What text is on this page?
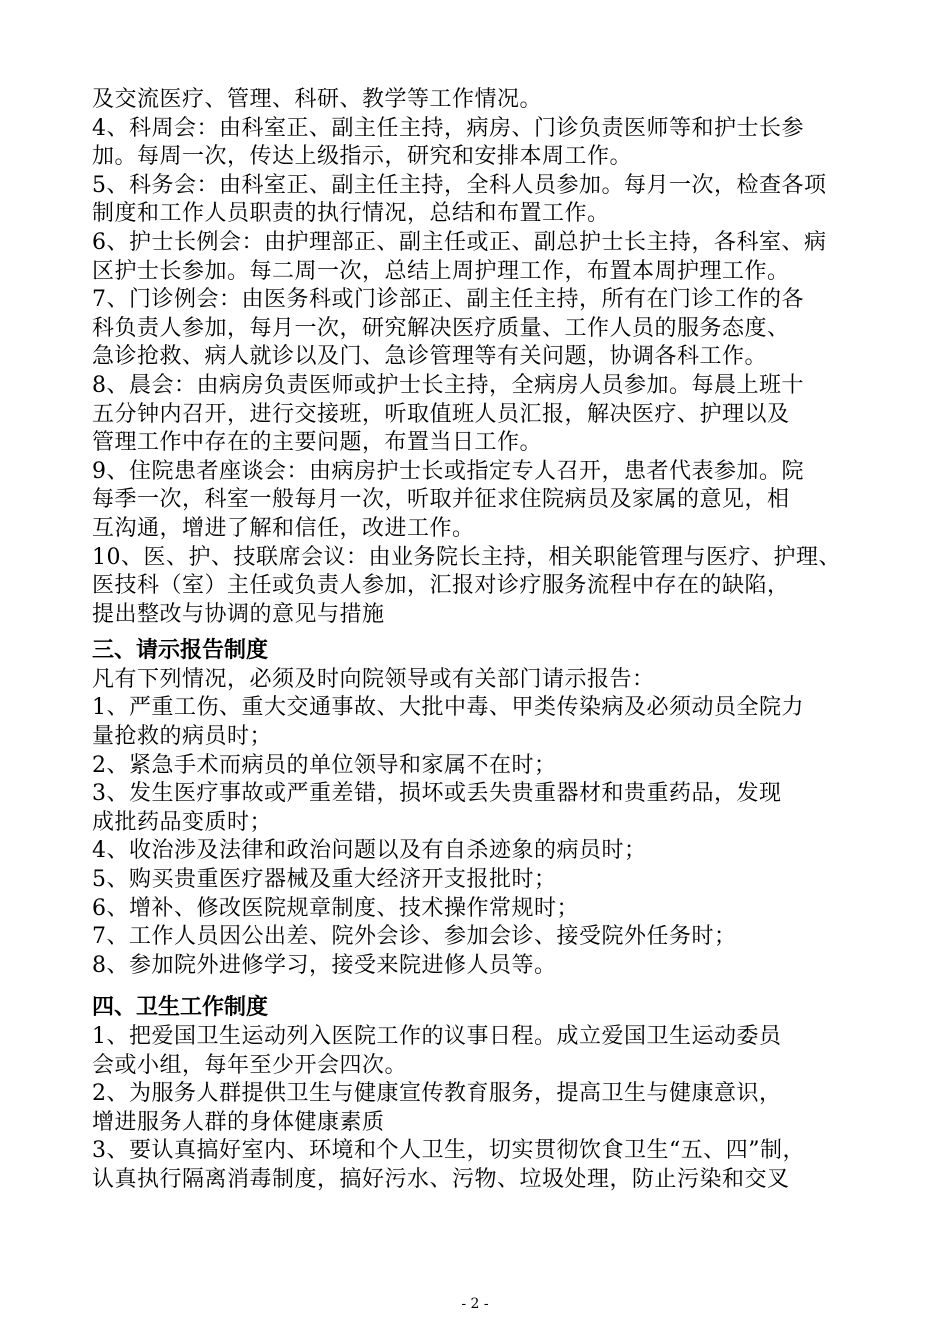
及交流医疗、管理、科研、教学等工作情况。
4、科周会：由科室正、副主任主持，病房、门诊负责医师等和护士长参
加。每周一次，传达上级指示，研究和安排本周工作。
5、科务会：由科室正、副主任主持，全科人员参加。每月一次，检查各项
制度和工作人员职责的执行情况，总结和布置工作。
6、护士长例会：由护理部正、副主任或正、副总护士长主持，各科室、病
区护士长参加。每二周一次，总结上周护理工作，布置本周护理工作。
7、门诊例会：由医务科或门诊部正、副主任主持，所有在门诊工作的各
科负责人参加，每月一次，研究解决医疗质量、工作人员的服务态度、
急诊抢救、病人就诊以及门、急诊管理等有关问题，协调各科工作。
8、晨会：由病房负责医师或护士长主持，全病房人员参加。每晨上班十
五分钟内召开，进行交接班，听取值班人员汇报，解决医疗、护理以及
管理工作中存在的主要问题，布置当日工作。
9、住院患者座谈会：由病房护士长或指定专人召开，患者代表参加。院
每季一次，科室一般每月一次，听取并征求住院病员及家属的意见，相
互沟通，增进了解和信任，改进工作。
10、医、护、技联席会议：由业务院长主持，相关职能管理与医疗、护理、
医技科（室）主任或负责人参加，汇报对诊疗服务流程中存在的缺陷，
提出整改与协调的意见与措施
三、请示报告制度
凡有下列情况，必须及时向院领导或有关部门请示报告：
1、严重工伤、重大交通事故、大批中毒、甲类传染病及必须动员全院力
量抢救的病员时；
2、紧急手术而病员的单位领导和家属不在时；
3、发生医疗事故或严重差错，损坏或丢失贵重器材和贵重药品，发现
成批药品变质时；
4、收治涉及法律和政治问题以及有自杀迹象的病员时；
5、购买贵重医疗器械及重大经济开支报批时；
6、增补、修改医院规章制度、技术操作常规时；
7、工作人员因公出差、院外会诊、参加会诊、接受院外任务时；
8、参加院外进修学习，接受来院进修人员等。
四、卫生工作制度
1、把爱国卫生运动列入医院工作的议事日程。成立爱国卫生运动委员
会或小组，每年至少开会四次。
2、为服务人群提供卫生与健康宣传教育服务，提高卫生与健康意识，
增进服务人群的身体健康素质
3、要认真搞好室内、环境和个人卫生，切实贯彻饮食卫生“五、四”制，
认真执行隔离消毒制度，搞好污水、污物、垃圾处理，防止污染和交叉
- 2 -
